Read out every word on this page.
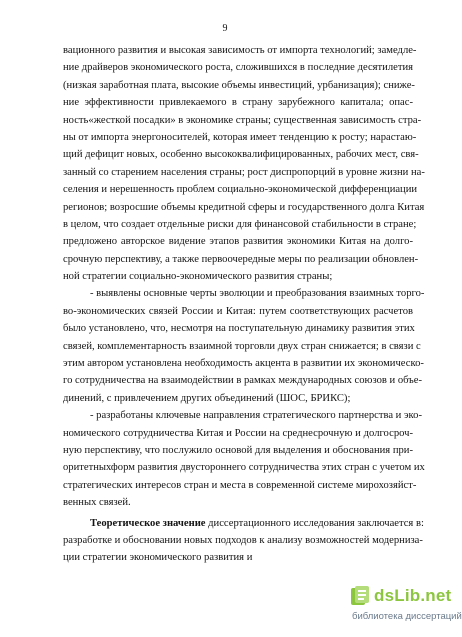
9
вационного развития и высокая зависимость от импорта технологий; замедле-
ние драйверов экономического роста, сложившихся в последние десятилетия
(низкая заработная плата, высокие объемы инвестиций, урбанизация); сниже-
ние эффективности привлекаемого в страну зарубежного капитала; опас-
ность«жесткой посадки» в экономике страны; существенная зависимость стра-
ны от импорта энергоносителей, которая имеет тенденцию к росту; нарастаю-
щий дефицит новых, особенно высококвалифицированных, рабочих мест, свя-
занный со старением населения страны; рост диспропорций в уровне жизни на-
селения и нерешенность проблем социально-экономической дифференциации
регионов; возросшие объемы кредитной сферы и государственного долга Китая
в целом, что создает отдельные риски для финансовой стабильности в стране;
предложено авторское видение этапов развития экономики Китая на долго-
срочную перспективу, а также первоочередные меры по реализации обновлен-
ной стратегии социально-экономического развития страны;
- выявлены основные черты эволюции и преобразования взаимных торго-
во-экономических связей России и Китая: путем соответствующих расчетов
было установлено, что, несмотря на поступательную динамику развития этих
связей, комплементарность взаимной торговли двух стран снижается; в связи с
этим автором установлена необходимость акцента в развитии их экономическо-
го сотрудничества на взаимодействии в рамках международных союзов и объе-
динений, с привлечением других объединений (ШОС, БРИКС);
- разработаны ключевые направления стратегического партнерства и эко-
номического сотрудничества Китая и России на среднесрочную и долгосроч-
ную перспективу, что послужило основой для выделения и обоснования при-
оритетныхформ развития двустороннего сотрудничества этих стран с учетом их
стратегических интересов стран и места в современной системе мирохозяйст-
венных связей.
Теоретическое значение диссертационного исследования заключается в:
разработке и обосновании новых подходов к анализу возможностей модерниза-
ции стратегии экономического развития и
dsLib.net
библиотека диссертаций
